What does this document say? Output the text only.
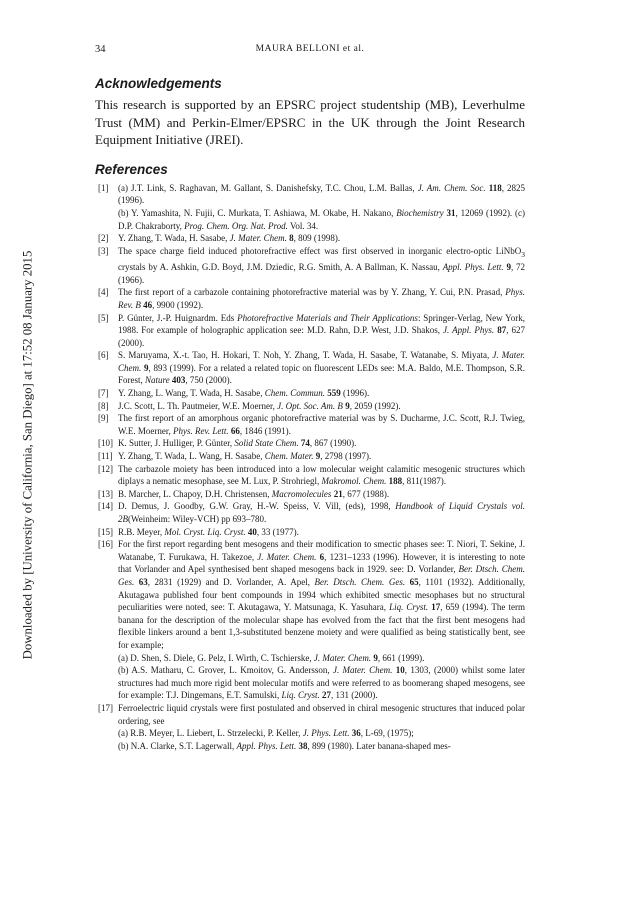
34	MAURA BELLONI et al.
Downloaded by [University of California, San Diego] at 17:52 08 January 2015
Acknowledgements

This research is supported by an EPSRC project studentship (MB), Leverhulme Trust (MM) and Perkin-Elmer/EPSRC in the UK through the Joint Research Equipment Initiative (JREI).

References
[1] (a) J.T. Link, S. Raghavan, M. Gallant, S. Danishefsky, T.C. Chou, L.M. Ballas, J. Am. Chem. Soc. 118, 2825 (1996).
(b) Y. Yamashita, N. Fujii, C. Murkata, T. Ashiawa, M. Okabe, H. Nakano, Biochemistry 31, 12069 (1992). (c) D.P. Chakraborty, Prog. Chem. Org. Nat. Prod. Vol. 34.
[2] Y. Zhang, T. Wada, H. Sasabe, J. Mater. Chem. 8, 809 (1998).
[3] The space charge field induced photorefractive effect was first observed in inorganic electro-optic LiNbO$_3$ crystals by A. Ashkin, G.D. Boyd, J.M. Dziedic, R.G. Smith, A. A Ballman, K. Nassau, Appl. Phys. Lett. 9, 72 (1966).
[4] The first report of a carbazole containing photorefractive material was by Y. Zhang, Y. Cui, P.N. Prasad, Phys. Rev. B 46, 9900 (1992).
[5] P. Günter, J.-P. Huignardm. Eds Photorefractive Materials and Their Applications: Springer-Verlag, New York, 1988. For example of holographic application see: M.D. Rahn, D.P. West, J.D. Shakos, J. Appl. Phys. 87, 627 (2000).
[6] S. Maruyama, X.-t. Tao, H. Hokari, T. Noh, Y. Zhang, T. Wada, H. Sasabe, T. Watanabe, S. Miyata, J. Mater. Chem. 9, 893 (1999). For a related a related topic on fluorescent LEDs see: M.A. Baldo, M.E. Thompson, S.R. Forest, Nature 403, 750 (2000).
[7] Y. Zhang, L. Wang, T. Wada, H. Sasabe, Chem. Commun. 559 (1996).
[8] J.C. Scott, L. Th. Pautmeier, W.E. Moerner, J. Opt. Soc. Am. B 9, 2059 (1992).
[9] The first report of an amorphous organic photorefractive material was by S. Ducharme, J.C. Scott, R.J. Twieg, W.E. Moerner, Phys. Rev. Lett. 66, 1846 (1991).
[10] K. Sutter, J. Hulliger, P. Günter, Solid State Chem. 74, 867 (1990).
[11] Y. Zhang, T. Wada, L. Wang, H. Sasabe, Chem. Mater. 9, 2798 (1997).
[12] The carbazole moiety has been introduced into a low molecular weight calamitic mesogenic structures which diplays a nematic mesophase, see M. Lux, P. Strohriegl, Makromol. Chem. 188, 811(1987).
[13] B. Marcher, L. Chapoy, D.H. Christensen, Macromolecules 21, 677 (1988).
[14] D. Demus, J. Goodby, G.W. Gray, H.-W. Speiss, V. Vill, (eds), 1998, Handbook of Liquid Crystals vol. 2B(Weinheim: Wiley-VCH) pp 693–780.
[15] R.B. Meyer, Mol. Cryst. Liq. Cryst. 40, 33 (1977).
[16] For the first report regarding bent mesogens and their modification to smectic phases see: T. Niori, T. Sekine, J. Watanabe, T. Furukawa, H. Takezoe, J. Mater. Chem. 6, 1231–1233 (1996). However, it is interesting to note that Vorlander and Apel synthesised bent shaped mesogens back in 1929. see: D. Vorlander, Ber. Dtsch. Chem. Ges. 63, 2831 (1929) and D. Vorlander, A. Apel, Ber. Dtsch. Chem. Ges. 65, 1101 (1932). Additionally, Akutagawa published four bent compounds in 1994 which exhibited smectic mesophases but no structural peculiarities were noted, see: T. Akutagawa, Y. Matsunaga, K. Yasuhara, Liq. Cryst. 17, 659 (1994). The term banana for the description of the molecular shape has evolved from the fact that the first bent mesogens had flexible linkers around a bent 1,3-substituted benzene moiety and were qualified as being statistically bent, see for example;
(a) D. Shen, S. Diele, G. Pelz, I. Wirth, C. Tschierske, J. Mater. Chem. 9, 661 (1999).
(b) A.S. Matharu, C. Grover, L. Kmoitov, G. Andersson, J. Mater. Chem. 10, 1303, (2000) whilst some later structures had much more rigid bent molecular motifs and were referred to as boomerang shaped mesogens, see for example: T.J. Dingemans, E.T. Samulski, Liq. Cryst. 27, 131 (2000).
[17] Ferroelectric liquid crystals were first postulated and observed in chiral mesogenic structures that induced polar ordering, see
(a) R.B. Meyer, L. Liebert, L. Strzelecki, P. Keller, J. Phys. Lett. 36, L-69, (1975);
(b) N.A. Clarke, S.T. Lagerwall, Appl. Phys. Lett. 38, 899 (1980). Later banana-shaped mes-
